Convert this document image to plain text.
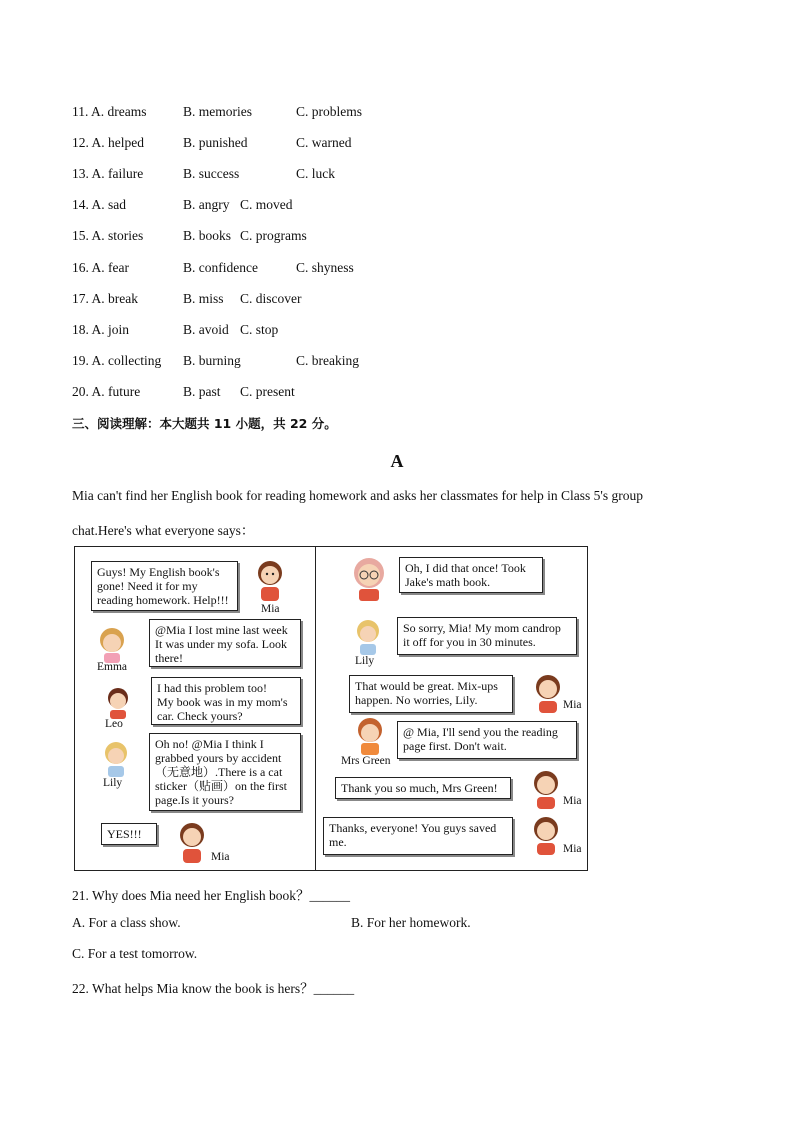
11. A. dreams	B. memories	C. problems
12. A. helped	B. punished	C. warned
13. A. failure	B. success	C. luck
14. A. sad	B. angry C. moved
15. A. stories	B. books C. programs
16. A. fear	B. confidence	C. shyness
17. A. break	B. miss C. discover
18. A. join	B. avoid C. stop
19. A. collecting B. burning	C. breaking
20. A. future	B. past C. present
三、阅读理解：本大题共 11 小题，共 22 分。
A
Mia can't find her English book for reading homework and asks her classmates for help in Class 5's group
chat.Here's what everyone says：
Guys! My English book's
gone! Need it for my
reading homework. Help!!!
Mia
Emma
@Mia I lost mine last week
It was under my sofa. Look
there!
Leo
I had this problem too!
My book was in my mom's
car. Check yours?
Lily
Oh no! @Mia I think I
grabbed yours by accident
（无意地）.There is a cat
sticker（贴画）on the first
page.Is it yours?
YES!!!
Mia
Oh, I did that once! Took
Jake's math book.
Lily
So sorry, Mia! My mom candrop
it off for you in 30 minutes.
That would be great. Mix-ups
happen. No worries, Lily.	Mia
Mrs Green
@ Mia, I'll send you the reading
page first. Don't wait.
Thank you so much, Mrs Green!
Mia
Thanks, everyone! You guys saved
me.	Mia
21. Why does Mia need her English book？______
A. For a class show.	B. For her homework.
C. For a test tomorrow.
22. What helps Mia know the book is hers？______
